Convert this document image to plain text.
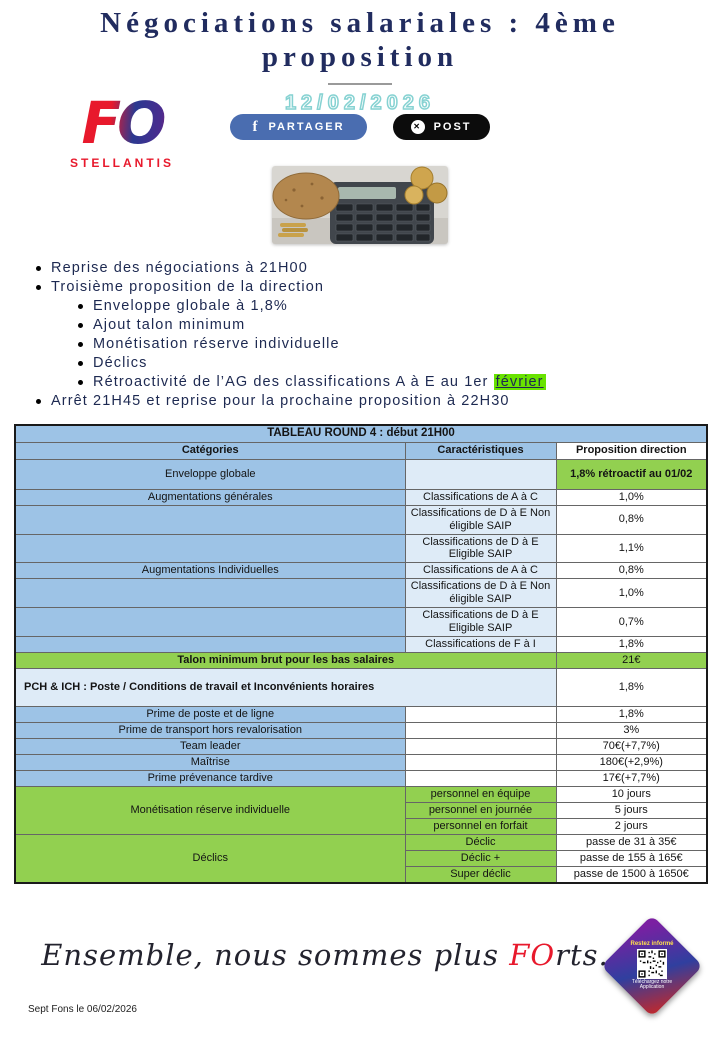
Négociations salariales : 4ème
proposition
12/02/2026
FO
STELLANTIS
f PARTAGER	✕ POST
Reprise des négociations à 21H00
Troisième proposition de la direction
Enveloppe globale à 1,8%
Ajout talon minimum
Monétisation réserve individuelle
Déclics
Rétroactivité de l’AG des classifications A à E au 1er février
Arrêt 21H45 et reprise pour la prochaine proposition à 22H30
TABLEAU ROUND 4 : début 21H00		
Catégories	Caractéristiques	Proposition direction
Enveloppe globale		1,8% rétroactif au 01/02
Augmentations générales	Classifications de A à C	1,0%
	Classifications de D à E Non éligible SAIP	0,8%
	Classifications de D à E Eligible SAIP	1,1%
Augmentations Individuelles	Classifications de A à C	0,8%
	Classifications de D à E Non éligible SAIP	1,0%
	Classifications de D à E Eligible SAIP	0,7%
	Classifications de F à I	1,8%
Talon minimum brut pour les bas salaires		21€
PCH & ICH : Poste / Conditions de travail et Inconvénients horaires		1,8%
Prime de poste et de ligne		1,8%
Prime de transport hors revalorisation		3%
Team leader		70€(+7,7%)
Maîtrise		180€(+2,9%)
Prime prévenance tardive		17€(+7,7%)
Monétisation réserve individuelle	personnel en équipe	10 jours
	personnel en journée	5 jours
	personnel en forfait	2 jours
Déclics	Déclic	passe de 31 à 35€
	Déclic +	passe de 155 à 165€
	Super déclic	passe de 1500 à 1650€
Ensemble, nous sommes plus FOrts.	Restez informé
Téléchargez notre Application
Sept Fons le 06/02/2026
